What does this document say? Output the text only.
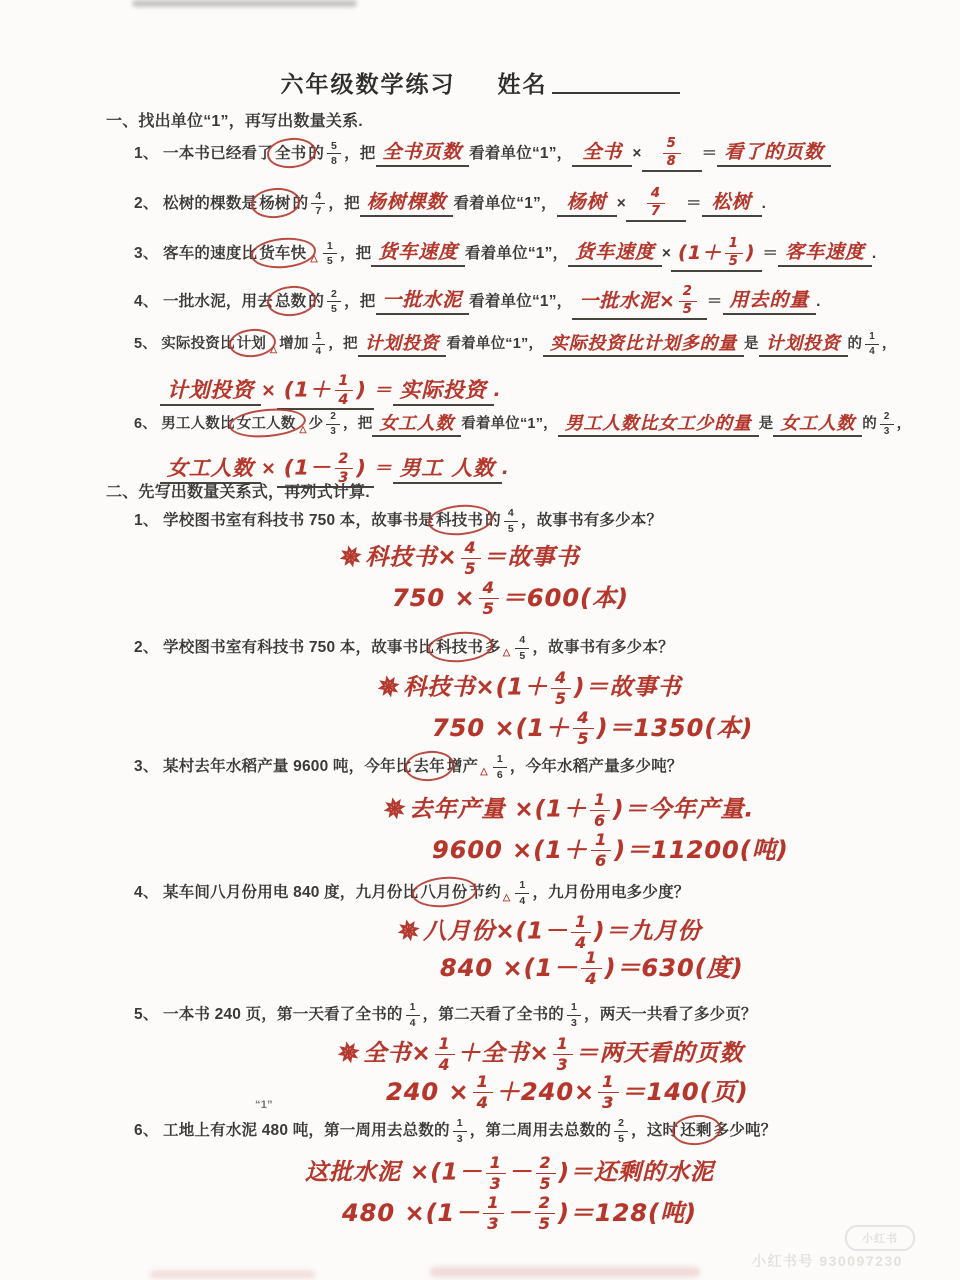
六年级数学练习 姓名
一、找出单位“1”，再写出数量关系.
1、 一本书已经看了 全书 的 $\frac{5}{8}$ ，把 全书页数 看着单位“1”， 全书 × $\frac{5}{8}$ ＝ 看了的页数
2、 松树的棵数是 杨树 的 $\frac{4}{7}$ ，把 杨树棵数 看着单位“1”， 杨树 × $\frac{4}{7}$ ＝ 松树 .
3、 客车的速度比 货车快 △ $\frac{1}{5}$ ，把 货车速度 看着单位“1”， 货车速度 × ($1+ \frac{1}{5}$ ) ＝ 客车速度 .
4、 一批水泥，用去 总数 的 $\frac{2}{5}$ ，把 一批水泥 看着单位“1”， 一批水泥× $\frac{2}{5}$ ＝ 用去的量 .
5、 实际投资比 计划 △ 增加 $\frac{1}{4}$ ，把 计划投资 看着单位“1”， 实际投资比计划多的量 是 计划投资 的 $\frac{1}{4}$ ，
计划投资 × ($1+ \frac{1}{4}$ ) ＝ 实际投资 .
6、 男工人数比 女工人数 △ 少 $\frac{2}{3}$ ，把 女工人数 看着单位“1”， 男工人数比女工少的量 是 女工人数 的 $\frac{2}{3}$ ，
女工人数 × ($1- \frac{2}{3}$ ) ＝ 男工 人数 .
二、先写出数量关系式，再列式计算.
1、 学校图书室有科技书 750 本，故事书是 科技书 的 $\frac{4}{5}$ ，故事书有多少本？
✵ 科技书× $\frac{4}{5}$ ＝故事书
$750 \times \frac{4}{5} =600$(本)
2、 学校图书室有科技书 750 本，故事书比 科技书 多 △ $\frac{4}{5}$ ，故事书有多少本？
✵ 科技书$\times(1+ \frac{4}{5}$ )＝故事书
$750 \times(1+ \frac{4}{5} )=1350$(本)
3、 某村去年水稻产量 9600 吨，今年比 去年 增产 △ $\frac{1}{6}$ ，今年水稻产量多少吨？
✵ 去年产量 $\times(1+ \frac{1}{6}$ )＝今年产量.
$9600 \times(1+ \frac{1}{6} )=11200$(吨)
4、 某车间八月份用电 840 度，九月份比 八月份 节约 △ $\frac{1}{4}$ ，九月份用电多少度？
✵ 八月份$\times(1- \frac{1}{4}$ )＝九月份
$840 \times(1- \frac{1}{4} )=630$(度)
5、 一本书 240 页，第一天看了全书的 $\frac{1}{4}$ ，第二天看了全书的 $\frac{1}{3}$ ，两天一共看了多少页？
✵ 全书× $\frac{1}{4}$ ＋全书× $\frac{1}{3}$ ＝两天看的页数
$240 \times \frac{1}{4} +240\times \frac{1}{3} =140$(页)
“1”
6、 工地上有水泥 480 吨，第一周用去总数的 $\frac{1}{3}$ ，第二周用去总数的 $\frac{2}{5}$ ，这时 还剩 多少吨？
这批水泥 $\times(1- \frac{1}{3} - \frac{2}{5}$ )＝还剩的水泥
$480 \times(1- \frac{1}{3} - \frac{2}{5} )=128$(吨)
小红书
小红书号 930097230
